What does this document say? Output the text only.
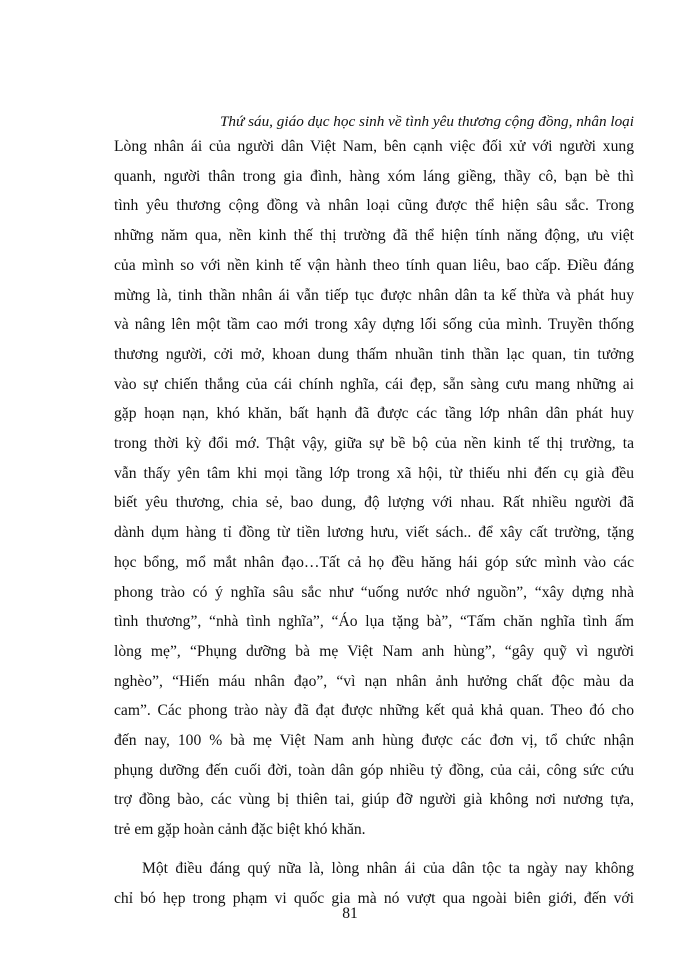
Thứ sáu, giáo dục học sinh về tình yêu thương cộng đồng, nhân loại

Lòng nhân ái của người dân Việt Nam, bên cạnh việc đối xử với người xung
quanh, người thân trong gia đình, hàng xóm láng giềng, thầy cô, bạn bè thì
tình yêu thương cộng đồng và nhân loại cũng được thể hiện sâu sắc. Trong
những năm qua, nền kinh thế thị trường đã thể hiện tính năng động, ưu việt
của mình so với nền kinh tế vận hành theo tính quan liêu, bao cấp. Điều đáng
mừng là, tinh thần nhân ái vẫn tiếp tục được nhân dân ta kế thừa và phát huy
và nâng lên một tầm cao mới trong xây dựng lối sống của mình. Truyền thống
thương người, cởi mở, khoan dung thấm nhuần tinh thần lạc quan, tin tưởng
vào sự chiến thắng của cái chính nghĩa, cái đẹp, sẵn sàng cưu mang những ai
gặp hoạn nạn, khó khăn, bất hạnh đã được các tầng lớp nhân dân phát huy
trong thời kỳ đổi mớ. Thật vậy, giữa sự bề bộ của nền kinh tế thị trường, ta
vẫn thấy yên tâm khi mọi tầng lớp trong xã hội, từ thiếu nhi đến cụ già đều
biết yêu thương, chia sẻ, bao dung, độ lượng với nhau. Rất nhiều người đã
dành dụm hàng tỉ đồng từ tiền lương hưu, viết sách.. để xây cất trường, tặng
học bổng, mổ mắt nhân đạo…Tất cả họ đều hăng hái góp sức mình vào các
phong trào có ý nghĩa sâu sắc như “uống nước nhớ nguồn”, “xây dựng nhà
tình thương”, “nhà tình nghĩa”, “Áo lụa tặng bà”, “Tấm chăn nghĩa tình ấm
lòng mẹ”, “Phụng dưỡng bà mẹ Việt Nam anh hùng”, “gây quỹ vì người
nghèo”, “Hiến máu nhân đạo”, “vì nạn nhân ảnh hưởng chất độc màu da
cam”. Các phong trào này đã đạt được những kết quả khả quan. Theo đó cho
đến nay, 100 % bà mẹ Việt Nam anh hùng được các đơn vị, tổ chức nhận
phụng dưỡng đến cuối đời, toàn dân góp nhiều tỷ đồng, của cải, công sức cứu
trợ đồng bào, các vùng bị thiên tai, giúp đỡ người già không nơi nương tựa,
trẻ em gặp hoàn cảnh đặc biệt khó khăn.
Một điều đáng quý nữa là, lòng nhân ái của dân tộc ta ngày nay không
chỉ bó hẹp trong phạm vi quốc gia mà nó vượt qua ngoài biên giới, đến với
81
